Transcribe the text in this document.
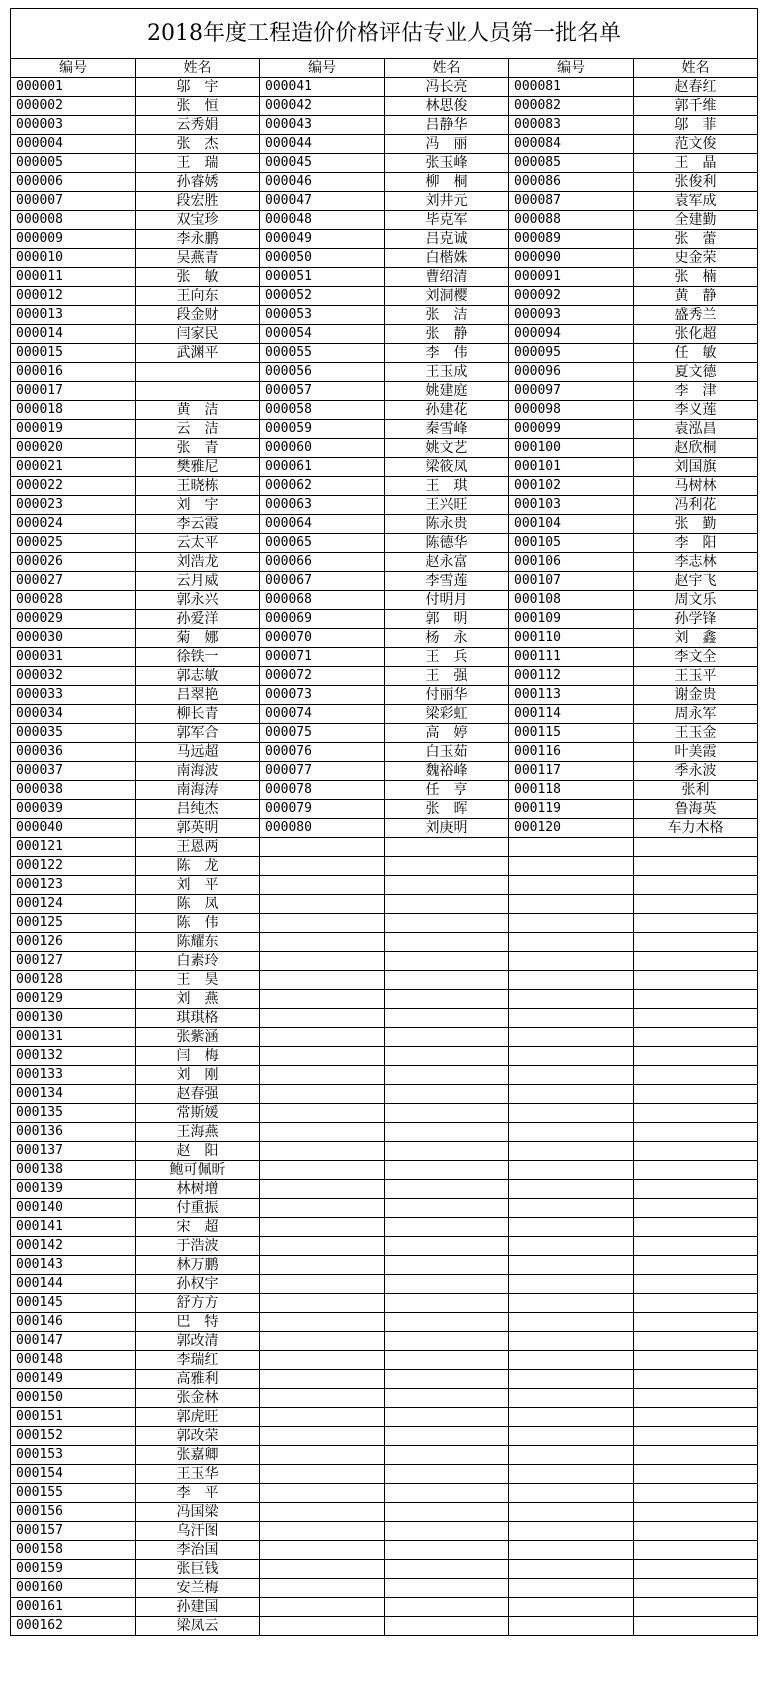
2018年度工程造价价格评估专业人员第一批名单
编号	姓名	编号	姓名	编号	姓名
000001	邬　宇	000041	冯长亮	000081	赵春红
000002	张　恒	000042	林思俊	000082	郭千维
000003	云秀娟	000043	吕静华	000083	邬　菲
000004	张　杰	000044	冯　丽	000084	范文俊
000005	王　瑞	000045	张玉峰	000085	王　晶
000006	孙睿㛢	000046	柳　桐	000086	张俊利
000007	段宏胜	000047	刘井元	000087	袁军成
000008	双宝珍	000048	毕克军	000088	全建勤
000009	李永鹏	000049	吕克诚	000089	张　蕾
000010	吴燕青	000050	白楷姝	000090	史金荣
000011	张　敏	000051	曹绍清	000091	张　楠
000012	王向东	000052	刘洞樱	000092	黄　静
000013	段金财	000053	张　洁	000093	盛秀兰
000014	闫家民	000054	张　静	000094	张化超
000015	武渊平	000055	李　伟	000095	任　敏
000016		000056	王玉成	000096	夏文德
000017		000057	姚建庭	000097	李　津
000018	黄　洁	000058	孙建花	000098	李义莲
000019	云　洁	000059	秦雪峰	000099	袁泓昌
000020	张　青	000060	姚文艺	000100	赵欣桐
000021	樊雅尼	000061	梁筱凤	000101	刘国旗
000022	王晓栋	000062	王　琪	000102	马树林
000023	刘　宇	000063	王兴旺	000103	冯利花
000024	李云霞	000064	陈永贵	000104	张　勤
000025	云太平	000065	陈德华	000105	李　阳
000026	刘浩龙	000066	赵永富	000106	李志林
000027	云月威	000067	李雪莲	000107	赵宇飞
000028	郭永兴	000068	付明月	000108	周文乐
000029	孙爱洋	000069	郭　明	000109	孙学锋
000030	菊　娜	000070	杨　永	000110	刘　鑫
000031	徐铁一	000071	王　兵	000111	李文全
000032	郭志敏	000072	王　强	000112	王玉平
000033	吕翠艳	000073	付丽华	000113	谢金贵
000034	柳长青	000074	梁彩虹	000114	周永军
000035	郭军合	000075	高　婷	000115	王玉金
000036	马远超	000076	白玉茹	000116	叶美霞
000037	南海波	000077	魏裕峰	000117	季永波
000038	南海涛	000078	任　亨	000118	张利
000039	吕纯杰	000079	张　晖	000119	鲁海英
000040	郭英明	000080	刘庚明	000120	车力木格
000121	王恩两				
000122	陈　龙				
000123	刘　平				
000124	陈　凤				
000125	陈　伟				
000126	陈耀东				
000127	白素玲				
000128	王　昊				
000129	刘　燕				
000130	琪琪格				
000131	张紫涵				
000132	闫　梅				
000133	刘　刚				
000134	赵春强				
000135	常斯媛				
000136	王海燕				
000137	赵　阳				
000138	鲍可佩昕				
000139	林树增				
000140	付重振				
000141	宋　超				
000142	于浩波				
000143	林万鹏				
000144	孙权宇				
000145	舒方方				
000146	巴　特				
000147	郭改清				
000148	李瑞红				
000149	高雅利				
000150	张金林				
000151	郭虎旺				
000152	郭改荣				
000153	张嘉卿				
000154	王玉华				
000155	李　平				
000156	冯国梁				
000157	乌汗图				
000158	李治国				
000159	张巨钱				
000160	安兰梅				
000161	孙建国				
000162	梁凤云				
